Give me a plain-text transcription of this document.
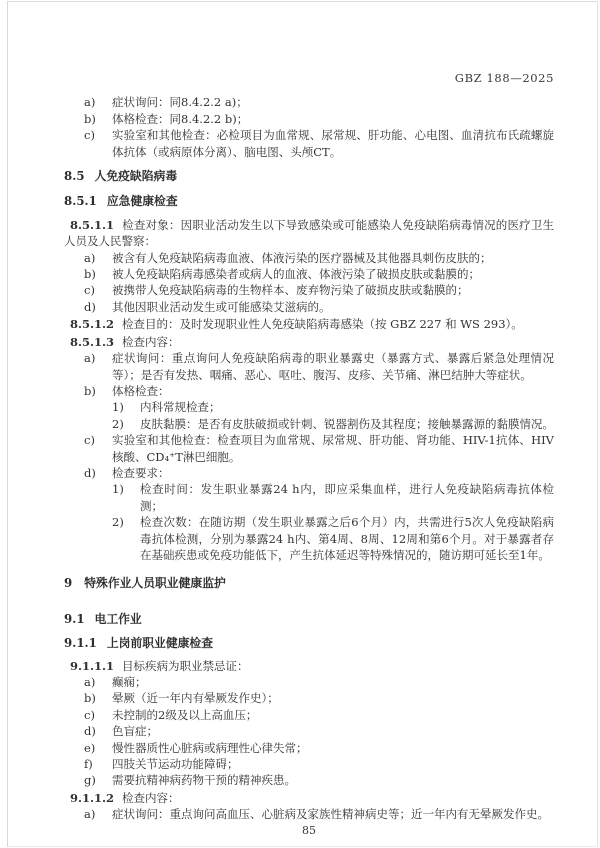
GBZ 188—2025
a) 症状询问：同8.4.2.2 a)；
b) 体格检查：同8.4.2.2 b)；
c) 实验室和其他检查：必检项目为血常规、尿常规、肝功能、心电图、血清抗布氏疏螺旋体抗体（或病原体分离）、脑电图、头颅CT。
8.5 人免疫缺陷病毒
8.5.1 应急健康检查
8.5.1.1 检查对象：因职业活动发生以下导致感染或可能感染人免疫缺陷病毒情况的医疗卫生人员及人民警察：
a) 被含有人免疫缺陷病毒血液、体液污染的医疗器械及其他器具刺伤皮肤的；
b) 被人免疫缺陷病毒感染者或病人的血液、体液污染了破损皮肤或黏膜的；
c) 被携带人免疫缺陷病毒的生物样本、废弃物污染了破损皮肤或黏膜的；
d) 其他因职业活动发生或可能感染艾滋病的。
8.5.1.2 检查目的：及时发现职业性人免疫缺陷病毒感染（按 GBZ 227 和 WS 293）。
8.5.1.3 检查内容：
a) 症状询问：重点询问人免疫缺陷病毒的职业暴露史（暴露方式、暴露后紧急处理情况等）；是否有发热、咽痛、恶心、呕吐、腹泻、皮疹、关节痛、淋巴结肿大等症状。
b) 体格检查：
1) 内科常规检查；
2) 皮肤黏膜：是否有皮肤破损或针刺、锐器割伤及其程度；接触暴露源的黏膜情况。
c) 实验室和其他检查：检查项目为血常规、尿常规、肝功能、肾功能、HIV-1抗体、HIV核酸、CD₄⁺T淋巴细胞。
d) 检查要求：
1) 检查时间：发生职业暴露24 h内，即应采集血样，进行人免疫缺陷病毒抗体检测；
2) 检查次数：在随访期（发生职业暴露之后6个月）内，共需进行5次人免疫缺陷病毒抗体检测，分别为暴露24 h内、第4周、8周、12周和第6个月。对于暴露者存在基础疾患或免疫功能低下，产生抗体延迟等特殊情况的，随访期可延长至1年。
9 特殊作业人员职业健康监护
9.1 电工作业
9.1.1 上岗前职业健康检查
9.1.1.1 目标疾病为职业禁忌证：
a) 癫痫；
b) 晕厥（近一年内有晕厥发作史）；
c) 未控制的2级及以上高血压；
d) 色盲症；
e) 慢性器质性心脏病或病理性心律失常；
f) 四肢关节运动功能障碍；
g) 需要抗精神病药物干预的精神疾患。
9.1.1.2 检查内容：
a) 症状询问：重点询问高血压、心脏病及家族性精神病史等；近一年内有无晕厥发作史。
85
